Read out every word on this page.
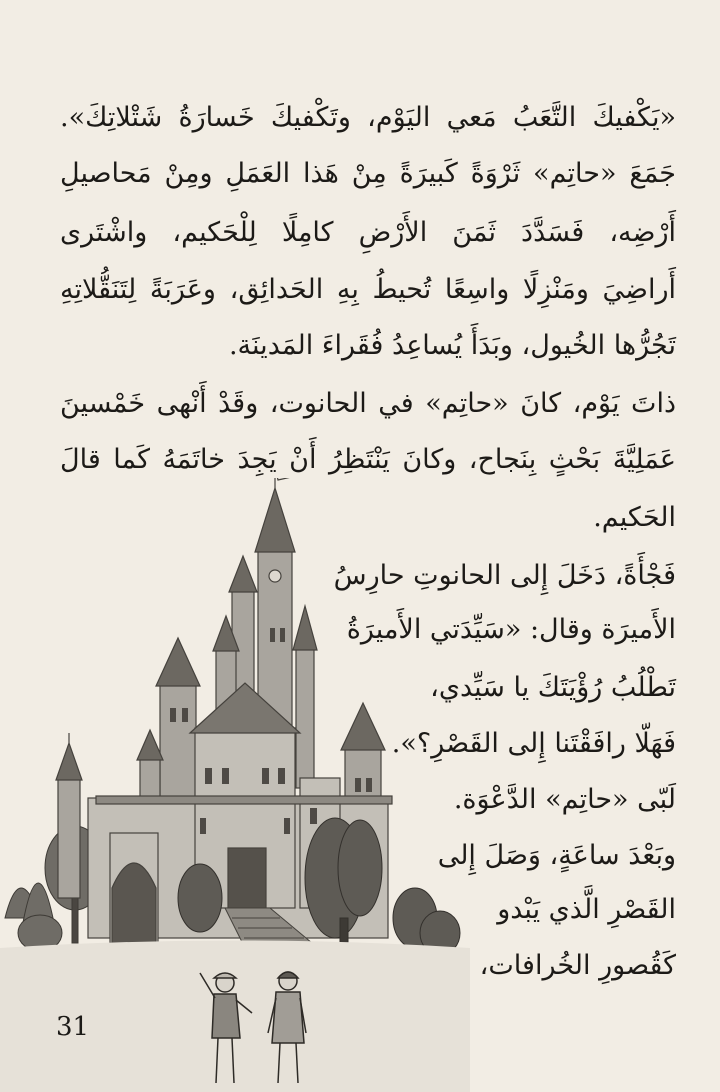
«يَكْفيكَ التَّعَبُ مَعي اليَوْم، وتَكْفيكَ خَسارَةُ شَتْلاتِكَ».
جَمَعَ «حاتِم» ثَرْوَةً كَبيرَةً مِنْ هَذا العَمَلِ ومِنْ مَحاصيلِ
أَرْضِه، فَسَدَّدَ ثَمَنَ الأَرْضِ كامِلًا لِلْحَكيم، واشْتَرى
أَراضِيَ ومَنْزِلًا واسِعًا تُحيطُ بِهِ الحَدائِق، وعَرَبَةً لِتَنَقُّلاتِهِ
تَجُرُّها الخُيول، وبَدَأَ يُساعِدُ فُقَراءَ المَدينَة.
ذاتَ يَوْم، كانَ «حاتِم» في الحانوت، وقَدْ أَنْهى خَمْسينَ
عَمَلِيَّةَ بَحْثٍ بِنَجاح، وكانَ يَنْتَظِرُ أَنْ يَجِدَ خاتَمَهُ كَما قالَ
الحَكيم.
فَجْأَةً، دَخَلَ إِلى الحانوتِ حارِسُ
الأَميرَة وقال: «سَيِّدَتي الأَميرَةُ
تَطْلُبُ رُؤْيَتَكَ يا سَيِّدي،
فَهَلّا رافَقْتَنا إِلى القَصْرِ؟».
لَبّى «حاتِم» الدَّعْوَة.
وبَعْدَ ساعَةٍ، وَصَلَ إِلى
القَصْرِ الَّذي يَبْدو
كَقُصورِ الخُرافات،
31
